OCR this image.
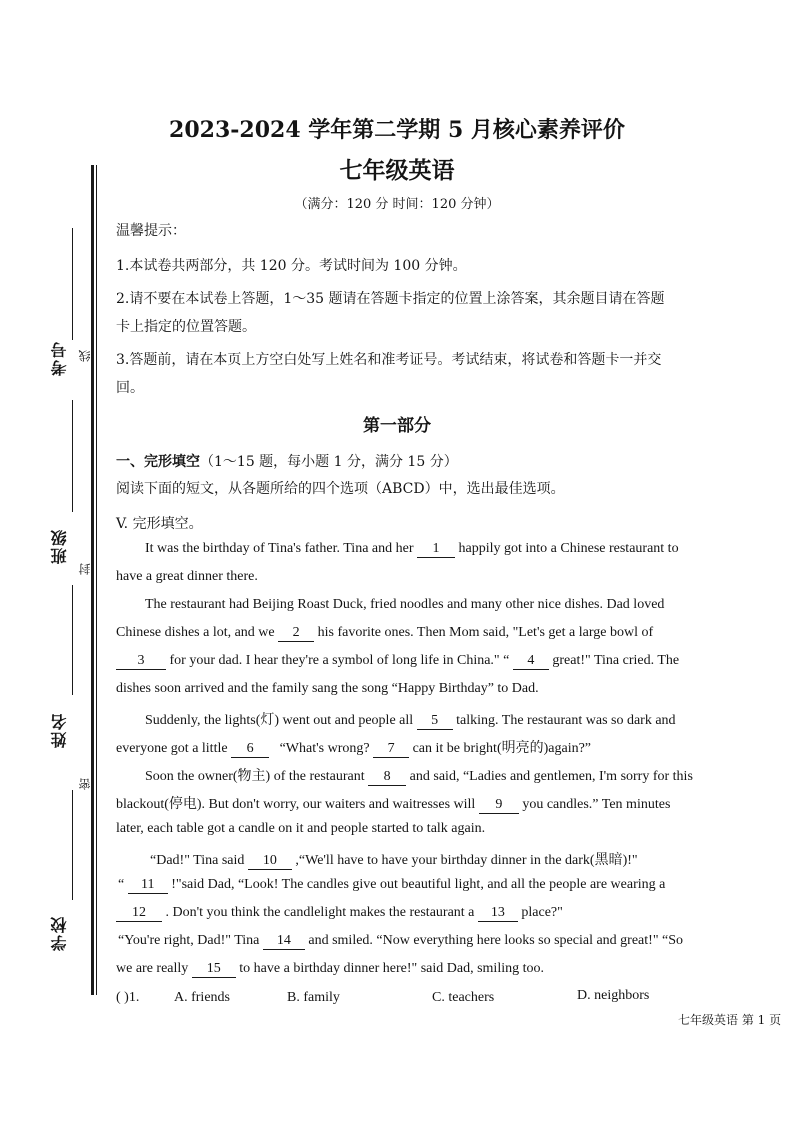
考号
班级
姓名
学校
线
封
密
2023-2024 学年第二学期 5 月核心素养评价
七年级英语
（满分：120 分 时间：120 分钟）
温馨提示：
1.本试卷共两部分，共 120 分。考试时间为 100 分钟。
2.请不要在本试卷上答题，1～35 题请在答题卡指定的位置上涂答案，其余题目请在答题
卡上指定的位置答题。
3.答题前，请在本页上方空白处写上姓名和准考证号。考试结束，将试卷和答题卡一并交
回。
第一部分
一、完形填空（1～15 题，每小题 1 分，满分 15 分）
阅读下面的短文，从各题所给的四个选项（ABCD）中，选出最佳选项。
V. 完形填空。
It was the birthday of Tina's father. Tina and her 1 happily got into a Chinese restaurant to
have a great dinner there.
The restaurant had Beijing Roast Duck, fried noodles and many other nice dishes. Dad loved
Chinese dishes a lot, and we 2 his favorite ones. Then Mom said, "Let's get a large bowl of
3 for your dad. I hear they're a symbol of long life in China." “ 4 great!" Tina cried. The
dishes soon arrived and the family sang the song “Happy Birthday” to Dad.
Suddenly, the lights(灯) went out and people all 5 talking. The restaurant was so dark and
everyone got a little 6 “What's wrong? 7 can it be bright(明亮的)again?”
Soon the owner(物主) of the restaurant 8 and said, “Ladies and gentlemen, I'm sorry for this
blackout(停电). But don't worry, our waiters and waitresses will 9 you candles.” Ten minutes
later, each table got a candle on it and people started to talk again.
“Dad!" Tina said 10 ,“We'll have to have your birthday dinner in the dark(黑暗)!"
“ 11 !"said Dad, “Look! The candles give out beautiful light, and all the people are wearing a
12 . Don't you think the candlelight makes the restaurant a 13 place?"
“You're right, Dad!" Tina 14 and smiled. “Now everything here looks so special and great!" “So
we are really 15 to have a birthday dinner here!" said Dad, smiling too.
( )1. A. friends	B. family	C. teachers	D. neighbors
七年级英语 第 1 页
